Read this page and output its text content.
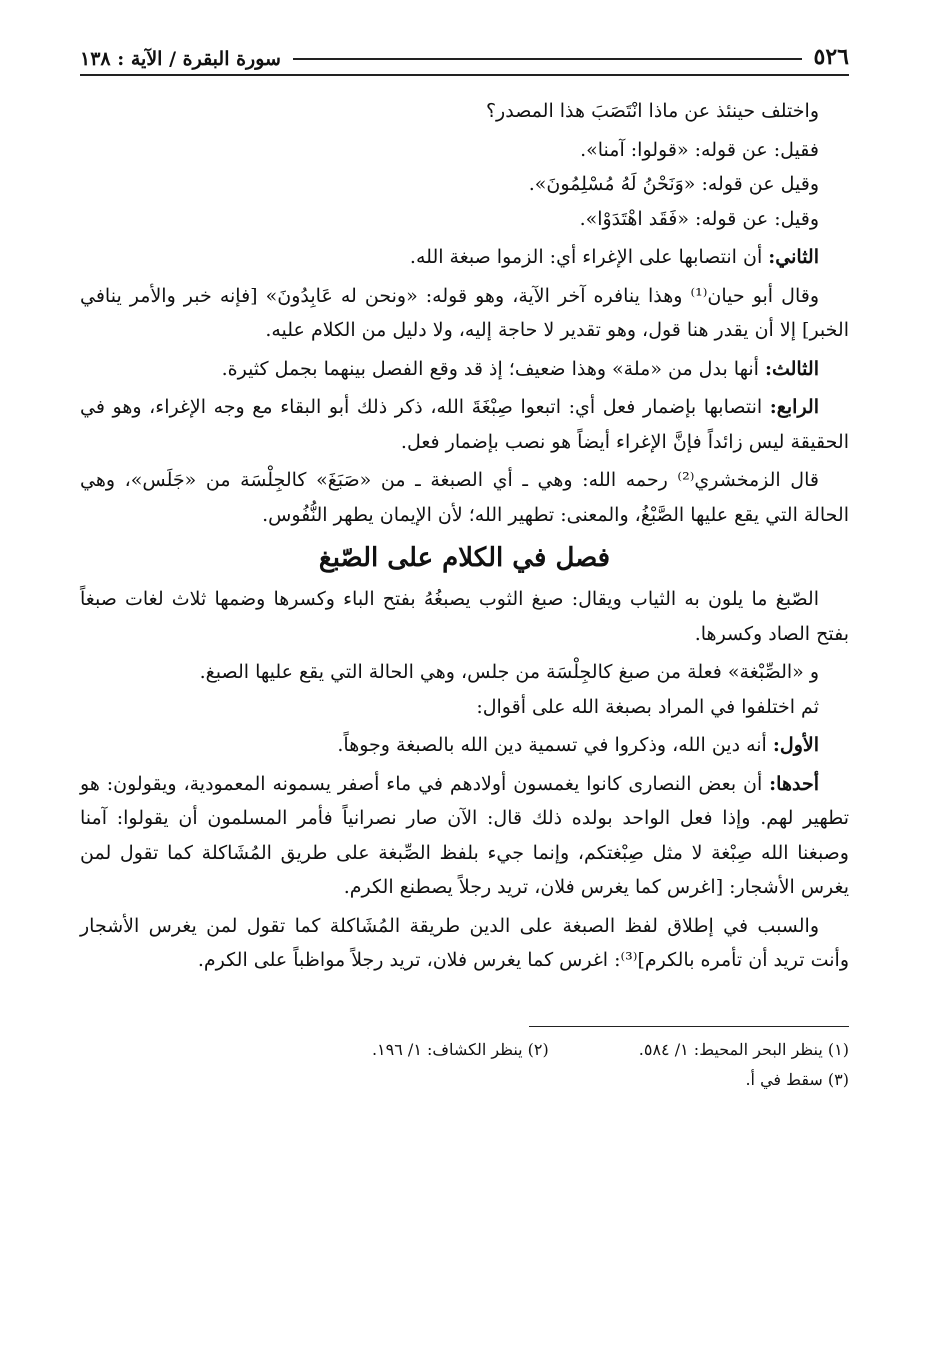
٥٢٦
سورة البقرة / الآية : ١٣٨

واختلف حينئذ عن ماذا انْتَصَبَ هذا المصدر؟

فقيل: عن قوله: «قولوا: آمنا».

وقيل عن قوله: «وَنَحْنُ لَهُ مُسْلِمُونَ».

وقيل: عن قوله: «فَقَد اهْتَدَوْا».

الثاني: أن انتصابها على الإغراء أي: الزموا صبغة الله.

وقال أبو حيان⁽¹⁾ وهذا ينافره آخر الآية، وهو قوله: «ونحن له عَابِدُونَ» [فإنه خبر والأمر ينافي الخبر] إلا أن يقدر هنا قول، وهو تقدير لا حاجة إليه، ولا دليل من الكلام عليه.

الثالث: أنها بدل من «ملة» وهذا ضعيف؛ إذ قد وقع الفصل بينهما بجمل كثيرة.

الرابع: انتصابها بإضمار فعل أي: اتبعوا صِبْغَةَ الله، ذكر ذلك أبو البقاء مع وجه الإغراء، وهو في الحقيقة ليس زائداً فإنَّ الإغراء أيضاً هو نصب بإضمار فعل.

قال الزمخشري⁽²⁾ رحمه الله: وهي ـ أي الصبغة ـ من «صَبَغَ» كالجِلْسَة من «جَلَس»، وهي الحالة التي يقع عليها الصَّبْغُ، والمعنى: تطهير الله؛ لأن الإيمان يطهر النُّفُوس.

فصل في الكلام على الصّبغ

الصّبغ ما يلون به الثياب ويقال: صبغ الثوب يصبغُهُ بفتح الباء وكسرها وضمها ثلاث لغات صبغاً بفتح الصاد وكسرها.

و «الصِّبْغة» فعلة من صبغ كالجِلْسَة من جلس، وهي الحالة التي يقع عليها الصبغ.

ثم اختلفوا في المراد بصبغة الله على أقوال:

الأول: أنه دين الله، وذكروا في تسمية دين الله بالصبغة وجوهاً.

أحدها: أن بعض النصارى كانوا يغمسون أولادهم في ماء أصفر يسمونه المعمودية، ويقولون: هو تطهير لهم. وإذا فعل الواحد بولده ذلك قال: الآن صار نصرانياً فأمر المسلمون أن يقولوا: آمنا وصبغنا الله صِبْغة لا مثل صِبْغتكم، وإنما جيء بلفظ الصِّبغة على طريق المُشَاكلة كما تقول لمن يغرس الأشجار: [اغرس كما يغرس فلان، تريد رجلاً يصطنع الكرم.

والسبب في إطلاق لفظ الصبغة على الدين طريقة المُشَاكلة كما تقول لمن يغرس الأشجار وأنت تريد أن تأمره بالكرم]⁽³⁾: اغرس كما يغرس فلان، تريد رجلاً مواظباً على الكرم.

(١) ينظر البحر المحيط: ١/ ٥٨٤.
(٢) ينظر الكشاف: ١/ ١٩٦.
(٣) سقط في أ.
